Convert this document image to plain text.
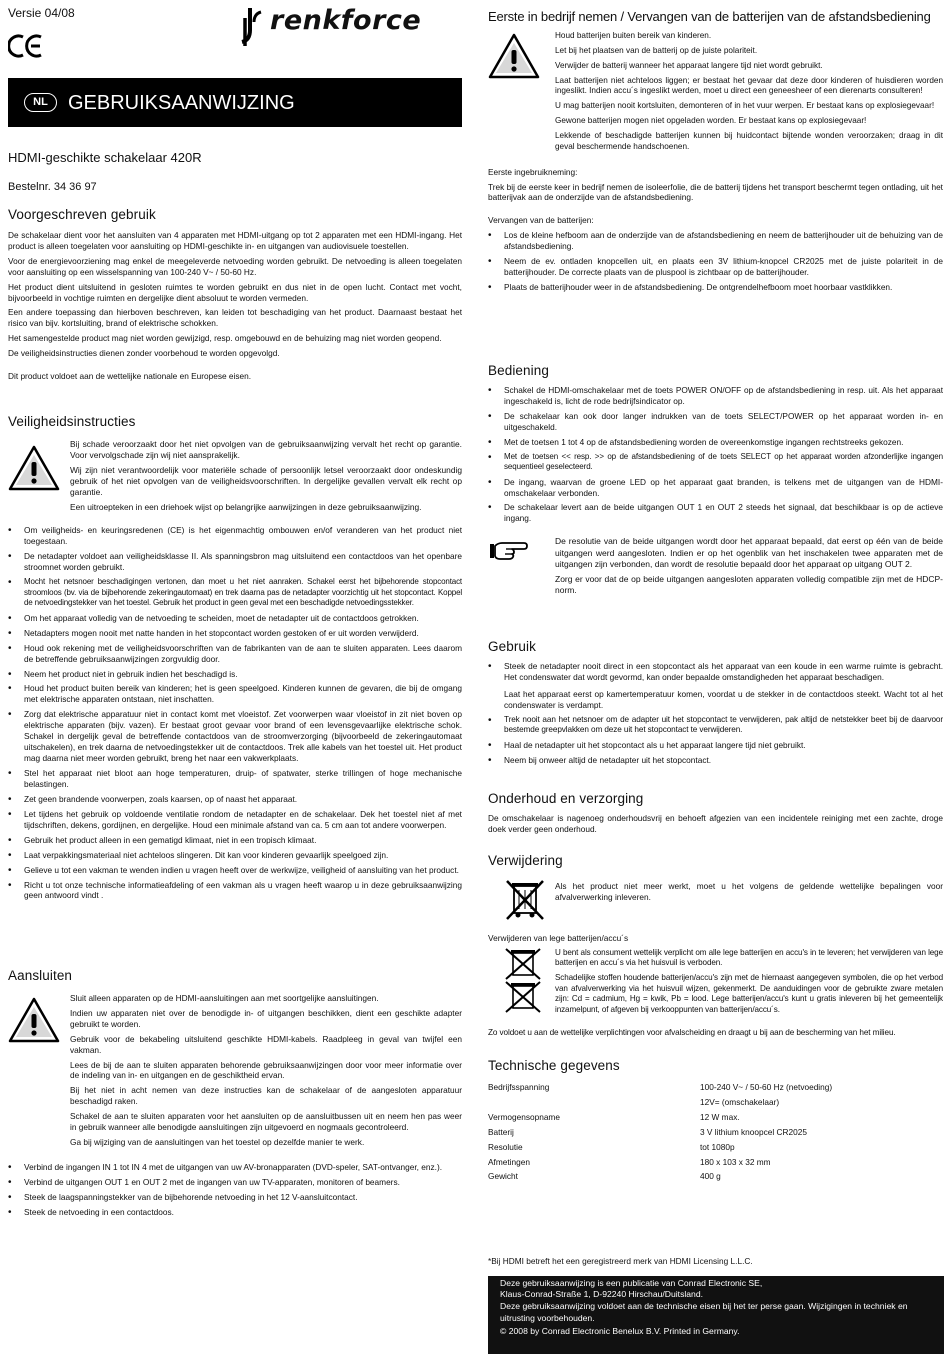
Versie 04/08	renkforce
NL	GEBRUIKSAANWIJZING
HDMI-geschikte schakelaar 420R
Bestelnr. 34 36 97
Voorgeschreven gebruik

De schakelaar dient voor het aansluiten van 4 apparaten met HDMI-uitgang op tot 2 apparaten met een HDMI-ingang. Het product is alleen toegelaten voor aansluiting op HDMI-geschikte in- en uitgangen van audiovisuele toestellen.

Voor de energievoorziening mag enkel de meegeleverde netvoeding worden gebruikt. De netvoeding is alleen toegelaten voor aansluiting op een wisselspanning van 100-240 V~ / 50-60 Hz.

Het product dient uitsluitend in gesloten ruimtes te worden gebruikt en dus niet in de open lucht. Contact met vocht, bijvoorbeeld in vochtige ruimten en dergelijke dient absoluut te worden vermeden.

Een andere toepassing dan hierboven beschreven, kan leiden tot beschadiging van het product. Daarnaast bestaat het risico van bijv. kortsluiting, brand of elektrische schokken.

Het samengestelde product mag niet worden gewijzigd, resp. omgebouwd en de behuizing mag niet worden geopend.

De veiligheidsinstructies dienen zonder voorbehoud te worden opgevolgd.

Dit product voldoet aan de wettelijke nationale en Europese eisen.

Veiligheidsinstructies

Bij schade veroorzaakt door het niet opvolgen van de gebruiksaanwijzing vervalt het recht op garantie. Voor vervolgschade zijn wij niet aansprakelijk.

Wij zijn niet verantwoordelijk voor materiële schade of persoonlijk letsel veroorzaakt door ondeskundig gebruik of het niet opvolgen van de veiligheidsvoorschriften. In dergelijke gevallen vervalt elk recht op garantie.

Een uitroepteken in een driehoek wijst op belangrijke aanwijzingen in deze gebruiksaanwijzing.

• Om veiligheids- en keuringsredenen (CE) is het eigenmachtig ombouwen en/of veranderen van het product niet toegestaan.
• De netadapter voldoet aan veiligheidsklasse II. Als spanningsbron mag uitsluitend een contactdoos van het openbare stroomnet worden gebruikt.
• Mocht het netsnoer beschadigingen vertonen, dan moet u het niet aanraken. Schakel eerst het bijbehorende stopcontact stroomloos (bv. via de bijbehorende zekeringautomaat) en trek daarna pas de netadapter voorzichtig uit het stopcontact. Koppel de netvoedingstekker van het toestel. Gebruik het product in geen geval met een beschadigde netvoedingsstekker.
• Om het apparaat volledig van de netvoeding te scheiden, moet de netadapter uit de contactdoos getrokken.
• Netadapters mogen nooit met natte handen in het stopcontact worden gestoken of er uit worden verwijderd.
• Houd ook rekening met de veiligheidsvoorschriften van de fabrikanten van de aan te sluiten apparaten. Lees daarom de betreffende gebruiksaanwijzingen zorgvuldig door.
• Neem het product niet in gebruik indien het beschadigd is.
• Houd het product buiten bereik van kinderen; het is geen speelgoed. Kinderen kunnen de gevaren, die bij de omgang met elektrische apparaten ontstaan, niet inschatten.
• Zorg dat elektrische apparatuur niet in contact komt met vloeistof. Zet voorwerpen waar vloeistof in zit niet boven op elektrische apparaten (bijv. vazen). Er bestaat groot gevaar voor brand of een levensgevaarlijke elektrische schok. Schakel in dergelijk geval de betreffende contactdoos van de stroomverzorging (bijvoorbeeld de zekeringautomaat uitschakelen), en trek daarna de netvoedingstekker uit de contactdoos. Trek alle kabels van het toestel uit. Het product mag daarna niet meer worden gebruikt, breng het naar een vakwerkplaats.
• Stel het apparaat niet bloot aan hoge temperaturen, druip- of spatwater, sterke trillingen of hoge mechanische belastingen.
• Zet geen brandende voorwerpen, zoals kaarsen, op of naast het apparaat.
• Let tijdens het gebruik op voldoende ventilatie rondom de netadapter en de schakelaar. Dek het toestel niet af met tijdschriften, dekens, gordijnen, en dergelijke. Houd een minimale afstand van ca. 5 cm aan tot andere voorwerpen.
• Gebruik het product alleen in een gematigd klimaat, niet in een tropisch klimaat.
• Laat verpakkingsmateriaal niet achteloos slingeren. Dit kan voor kinderen gevaarlijk speelgoed zijn.
• Gelieve u tot een vakman te wenden indien u vragen heeft over de werkwijze, veiligheid of aansluiting van het product.
• Richt u tot onze technische informatieafdeling of een vakman als u vragen heeft waarop u in deze gebruiksaanwijzing geen antwoord vindt .
Aansluiten

Sluit alleen apparaten op de HDMI-aansluitingen aan met soortgelijke aansluitingen.

Indien uw apparaten niet over de benodigde in- of uitgangen beschikken, dient een geschikte adapter gebruikt te worden.

Gebruik voor de bekabeling uitsluitend geschikte HDMI-kabels. Raadpleeg in geval van twijfel een vakman.

Lees de bij de aan te sluiten apparaten behorende gebruiksaanwijzingen door voor meer informatie over de indeling van in- en uitgangen en de geschiktheid ervan.

Bij het niet in acht nemen van deze instructies kan de schakelaar of de aangesloten apparatuur beschadigd raken.

Schakel de aan te sluiten apparaten voor het aansluiten op de aansluitbussen uit en neem hen pas weer in gebruik wanneer alle benodigde aansluitingen zijn uitgevoerd en nogmaals gecontroleerd.

Ga bij wijziging van de aansluitingen van het toestel op dezelfde manier te werk.

• Verbind de ingangen IN 1 tot IN 4 met de uitgangen van uw AV-bronapparaten (DVD-speler, SAT-ontvanger, enz.).
• Verbind de uitgangen OUT 1 en OUT 2 met de ingangen van uw TV-apparaten, monitoren of beamers.
• Steek de laagspanningstekker van de bijbehorende netvoeding in het 12 V-aansluitcontact.
• Steek de netvoeding in een contactdoos.
Eerste in bedrijf nemen / Vervangen van de batterijen van de afstandsbediening

Houd batterijen buiten bereik van kinderen.

Let bij het plaatsen van de batterij op de juiste polariteit.

Verwijder de batterij wanneer het apparaat langere tijd niet wordt gebruikt.

Laat batterijen niet achteloos liggen; er bestaat het gevaar dat deze door kinderen of huisdieren worden ingeslikt. Indien accu´s ingeslikt werden, moet u direct een geneesheer of een dierenarts consulteren!

U mag batterijen nooit kortsluiten, demonteren of in het vuur werpen. Er bestaat kans op explosiegevaar!

Gewone batterijen mogen niet opgeladen worden. Er bestaat kans op explosiegevaar!

Lekkende of beschadigde batterijen kunnen bij huidcontact bijtende wonden veroorzaken; draag in dit geval beschermende handschoenen.

Eerste ingebruikneming:

Trek bij de eerste keer in bedrijf nemen de isoleerfolie, die de batterij tijdens het transport beschermt tegen ontlading, uit het batterijvak aan de onderzijde van de afstandsbediening.

Vervangen van de batterijen:

• Los de kleine hefboom aan de onderzijde van de afstandsbediening en neem de batterijhouder uit de behuizing van de afstandsbediening.
• Neem de ev. ontladen knopcellen uit, en plaats een 3V lithium-knopcel CR2025 met de juiste polariteit in de batterijhouder. De correcte plaats van de pluspool is zichtbaar op de batterijhouder.
• Plaats de batterijhouder weer in de afstandsbediening. De ontgrendelhefboom moet hoorbaar vastklikken.
Bediening
• Schakel de HDMI-omschakelaar met de toets POWER ON/OFF op de afstandsbediening in resp. uit. Als het apparaat ingeschakeld is, licht de rode bedrijfsindicator op.
• De schakelaar kan ook door langer indrukken van de toets SELECT/POWER op het apparaat worden in- en uitgeschakeld.
• Met de toetsen 1 tot 4 op de afstandsbediening worden de overeenkomstige ingangen rechtstreeks gekozen.
• Met de toetsen << resp. >> op de afstandsbediening of de toets SELECT op het apparaat worden afzonderlijke ingangen sequentieel geselecteerd.
• De ingang, waarvan de groene LED op het apparaat gaat branden, is telkens met de uitgangen van de HDMI-omschakelaar verbonden.
• De schakelaar levert aan de beide uitgangen OUT 1 en OUT 2 steeds het signaal, dat beschikbaar is op de actieve ingang.

De resolutie van de beide uitgangen wordt door het apparaat bepaald, dat eerst op één van de beide uitgangen werd aangesloten. Indien er op het ogenblik van het inschakelen twee apparaten met de uitgangen zijn verbonden, dan wordt de resolutie bepaald door het apparaat op uitgang OUT 2.

Zorg er voor dat de op beide uitgangen aangesloten apparaten volledig compatible zijn met de HDCP-norm.

Gebruik
• Steek de netadapter nooit direct in een stopcontact als het apparaat van een koude in een warme ruimte is gebracht. Het condenswater dat wordt gevormd, kan onder bepaalde omstandigheden het apparaat beschadigen.

Laat het apparaat eerst op kamertemperatuur komen, voordat u de stekker in de contactdoos steekt. Wacht tot al het condenswater is verdampt.

• Trek nooit aan het netsnoer om de adapter uit het stopcontact te verwijderen, pak altijd de netstekker beet bij de daarvoor bestemde greepvlakken om deze uit het stopcontact te verwijderen.
• Haal de netadapter uit het stopcontact als u het apparaat langere tijd niet gebruikt.
• Neem bij onweer altijd de netadapter uit het stopcontact.
Onderhoud en verzorging

De omschakelaar is nagenoeg onderhoudsvrij en behoeft afgezien van een incidentele reiniging met een zachte, droge doek verder geen onderhoud.

Verwijdering

Als het product niet meer werkt, moet u het volgens de geldende wettelijke bepalingen voor afvalverwerking inleveren.

Verwijderen van lege batterijen/accu´s

U bent als consument wettelijk verplicht om alle lege batterijen en accu's in te leveren; het verwijderen van lege batterijen en accu´s via het huisvuil is verboden.

Schadelijke stoffen houdende batterijen/accu's zijn met de hiernaast aangegeven symbolen, die op het verbod van afvalverwerking via het huisvuil wijzen, gekenmerkt. De aanduidingen voor de gebruikte zware metalen zijn: Cd = cadmium, Hg = kwik, Pb = lood. Lege batterijen/accu's kunt u gratis inleveren bij het gemeentelijk inzamelpunt, of afgeven bij verkooppunten van batterijen/accu´s.

Zo voldoet u aan de wettelijke verplichtingen voor afvalscheiding en draagt u bij aan de bescherming van het milieu.

Technische gegevens
Bedrijfsspanning	100-240 V~ / 50-60 Hz (netvoeding)
12V= (omschakelaar)
Vermogensopname	12 W max.
Batterij	3 V lithium knoopcel CR2025
Resolutie	tot 1080p
Afmetingen	180 x 103 x 32 mm
Gewicht	400 g
*Bij HDMI betreft het een geregistreerd merk van HDMI Licensing L.L.C.
Deze gebruiksaanwijzing is een publicatie van Conrad Electronic SE,
Klaus-Conrad-Straße 1, D-92240 Hirschau/Duitsland.
Deze gebruiksaanwijzing voldoet aan de technische eisen bij het ter perse gaan. Wijzigingen in techniek en uitrusting voorbehouden.
© 2008 by Conrad Electronic Benelux B.V. Printed in Germany.
